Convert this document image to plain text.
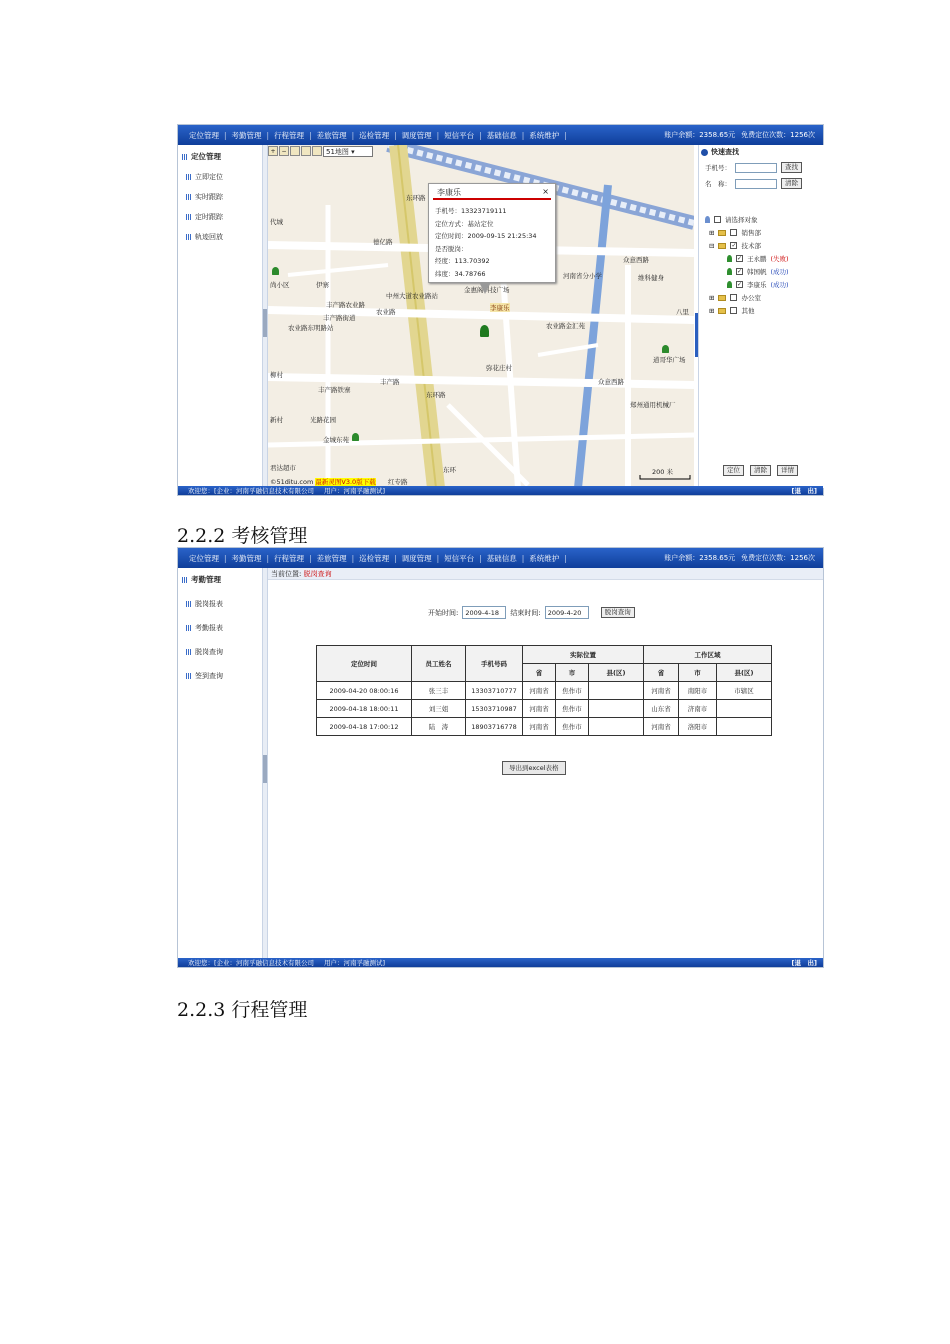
定位管理 | 考勤管理 | 行程管理 | 差旅管理 | 巡检管理 | 调度管理 | 短信平台 | 基础信息 | 系统维护 |	账户余额：2358.65元 免费定位次数：1256次
定位管理
立即定位
实时跟踪
定时跟踪
轨迹回放
+ −	51地图 ▾
东环路
德亿路
农业路
丰产路
东环路
众意西路
众意西路
中州大道农业路站
丰产路铁寨
农业路东明路站
丰产路农业路
金惠阁科技广场
李康乐
农业路金汇苑
弥花庄村
河南省分小学	维科健身
八里
道哥华广场
郑州通用机械厂
光路花园
金城东苑
代城
尚小区	伊寨
柳村
新村
君达超市
红专路
东环
丰产路街道
©51ditu.com 最新灵图V3.0版下载
200 米
李康乐	×
手机号：13323719111
定位方式：基站定位
定位时间：2009-09-15 21:25:34
是否脱岗：
经度：113.70392
纬度：34.78766
快速查找
手机号：	查找
名　称：	清除
请选择对象
⊞	销售部
⊟	✓ 技术部
✓ 王永鹏 (失败)
✓ 韩国帆 (成功)
✓ 李康乐 (成功)
⊞	办公室
⊞	其他
定位	清除	详情
欢迎您：[企业：河南孚融信息技术有限公司 用户：河南孚融测试]	[退　出]
2.2.2 考核管理
定位管理 | 考勤管理 | 行程管理 | 差旅管理 | 巡检管理 | 调度管理 | 短信平台 | 基础信息 | 系统维护 |	账户余额：2358.65元 免费定位次数：1256次
考勤管理
脱岗报表
考勤报表
脱岗查询
签到查询
当前位置: 脱岗查询
开始时间:	2009-4-18	结束时间:	2009-4-20	脱岗查询
定位时间	员工姓名	手机号码	实际位置			工作区域		
			省	市	县(区)	省	市	县(区)
2009-04-20 08:00:16	张三丰	13303710777	河南省	焦作市		河南省	南阳市	市辖区
2009-04-18 18:00:11	刘三姐	15303710987	河南省	焦作市		山东省	济南市	
2009-04-18 17:00:12	陆　涛	18903716778	河南省	焦作市		河南省	洛阳市	
导出到excel表格
欢迎您：[企业：河南孚融信息技术有限公司 用户：河南孚融测试]	[退　出]
2.2.3 行程管理
